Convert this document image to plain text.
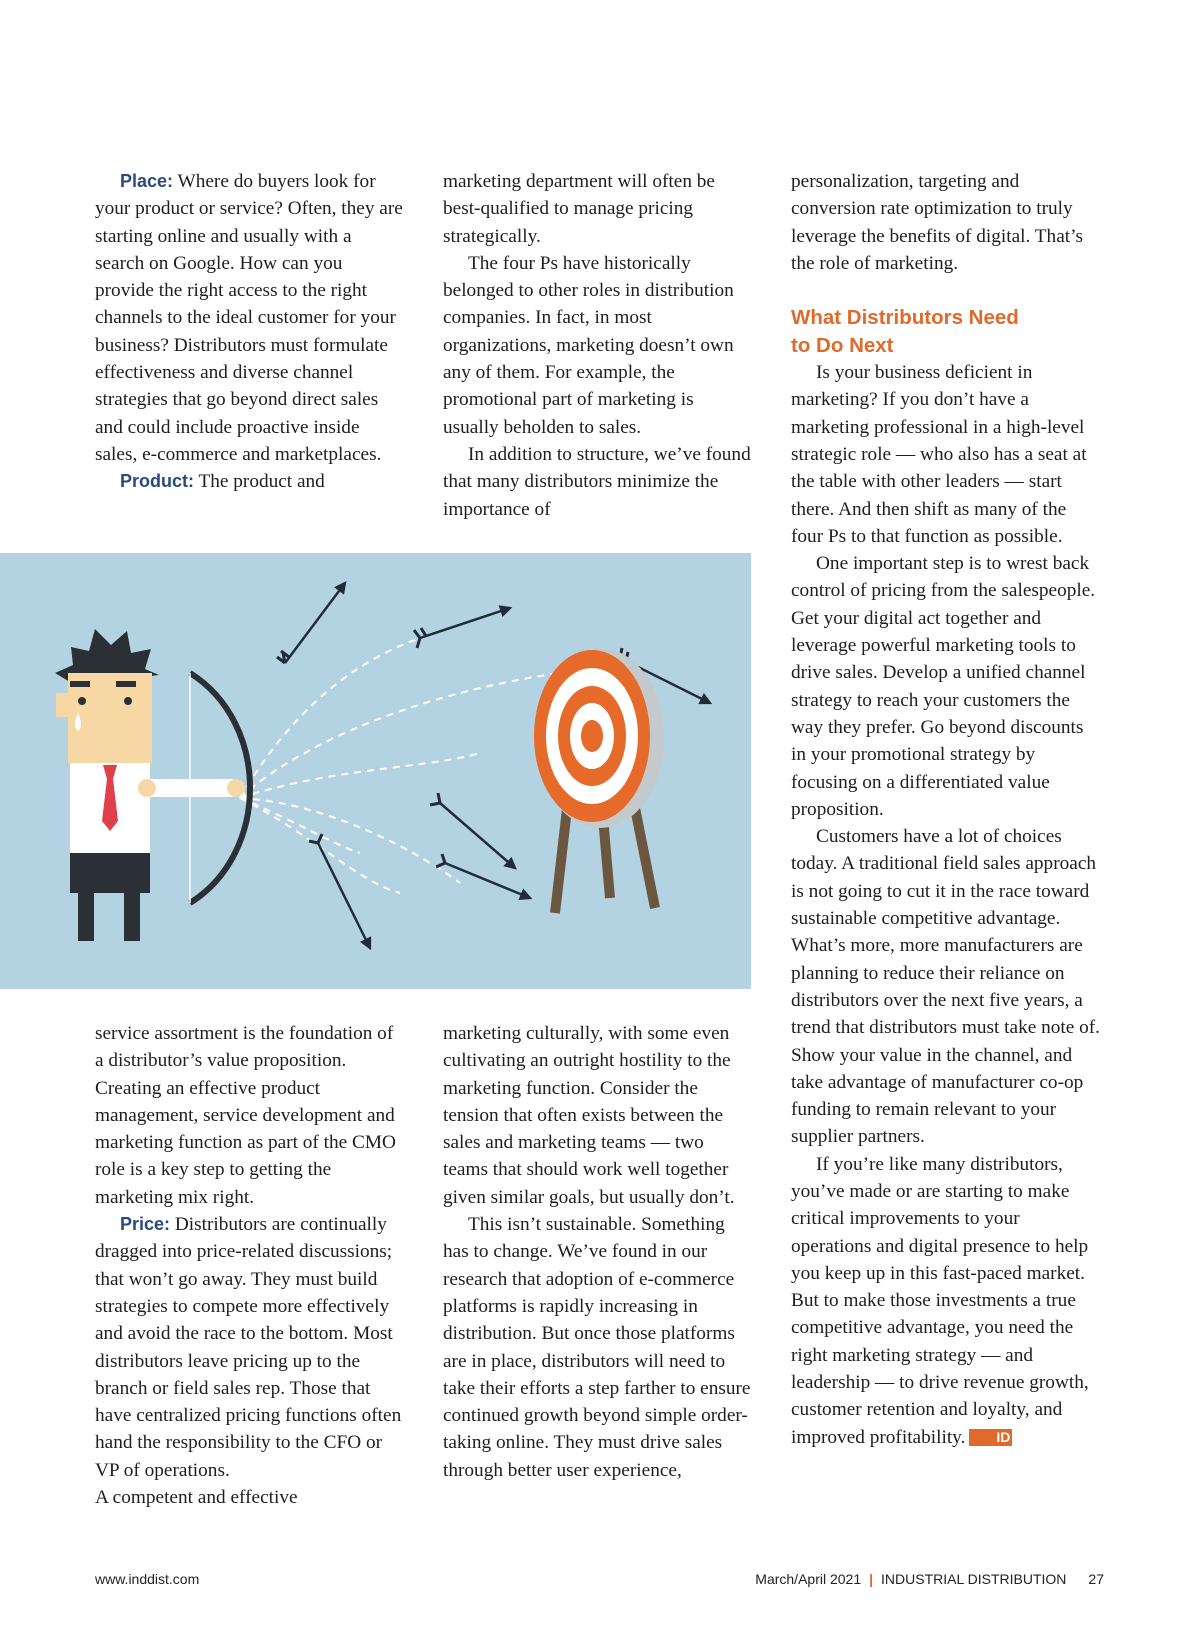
Place: Where do buyers look for your product or service? Often, they are starting online and usually with a search on Google. How can you provide the right access to the right channels to the ideal customer for your business? Distributors must formulate effectiveness and diverse channel strategies that go beyond direct sales and could include proactive inside sales, e-commerce and marketplaces.

Product: The product and

marketing department will often be best-qualified to manage pricing strategically.

The four Ps have historically belonged to other roles in distribution companies. In fact, in most organizations, marketing doesn’t own any of them. For example, the promotional part of marketing is usually beholden to sales.

In addition to structure, we’ve found that many distributors minimize the importance of

service assortment is the foundation of a distributor’s value proposition. Creating an effective product management, service development and marketing function as part of the CMO role is a key step to getting the marketing mix right.

Price: Distributors are continually dragged into price-related discussions; that won’t go away. They must build strategies to compete more effectively and avoid the race to the bottom. Most distributors leave pricing up to the branch or field sales rep. Those that have centralized pricing functions often hand the responsibility to the CFO or VP of operations.

A competent and effective

marketing culturally, with some even cultivating an outright hostility to the marketing function. Consider the tension that often exists between the sales and marketing teams — two teams that should work well together given similar goals, but usually don’t.

This isn’t sustainable. Something has to change. We’ve found in our research that adoption of e-commerce platforms is rapidly increasing in distribution. But once those platforms are in place, distributors will need to take their efforts a step farther to ensure continued growth beyond simple order-taking online. They must drive sales through better user experience,

personalization, targeting and conversion rate optimization to truly leverage the benefits of digital. That’s the role of marketing.

What Distributors Need
to Do Next

Is your business deficient in marketing? If you don’t have a marketing professional in a high-level strategic role — who also has a seat at the table with other leaders — start there. And then shift as many of the four Ps to that function as possible.

One important step is to wrest back control of pricing from the salespeople. Get your digital act together and leverage powerful marketing tools to drive sales. Develop a unified channel strategy to reach your customers the way they prefer. Go beyond discounts in your promotional strategy by focusing on a differentiated value proposition.

Customers have a lot of choices today. A traditional field sales approach is not going to cut it in the race toward sustainable competitive advantage. What’s more, more manufacturers are planning to reduce their reliance on distributors over the next five years, a trend that distributors must take note of. Show your value in the channel, and take advantage of manufacturer co-op funding to remain relevant to your supplier partners.

If you’re like many distributors, you’ve made or are starting to make critical improvements to your operations and digital presence to help you keep up in this fast-paced market. But to make those investments a true competitive advantage, you need the right marketing strategy — and leadership — to drive revenue growth, customer retention and loyalty, and improved profitability. ID

www.inddist.com	March/April 2021 | INDUSTRIAL DISTRIBUTION 27
